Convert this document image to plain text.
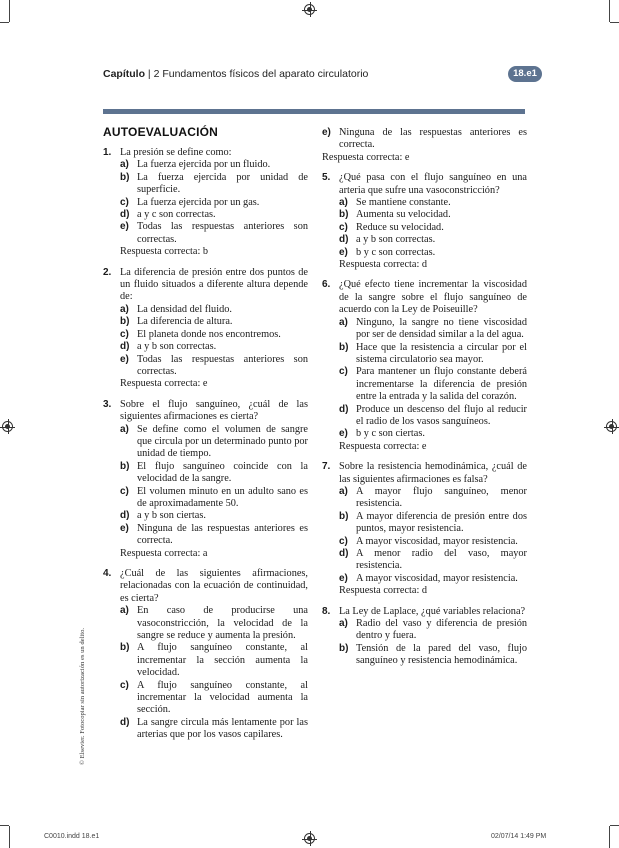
Capítulo | 2 Fundamentos físicos del aparato circulatorio	18.e1
AUTOEVALUACIÓN
1. La presión se define como:
a) La fuerza ejercida por un fluido.
b) La fuerza ejercida por unidad de superficie.
c) La fuerza ejercida por un gas.
d) a y c son correctas.
e) Todas las respuestas anteriores son correctas.
Respuesta correcta: b
2. La diferencia de presión entre dos puntos de un fluido situados a diferente altura depende de:
a) La densidad del fluido.
b) La diferencia de altura.
c) El planeta donde nos encontremos.
d) a y b son correctas.
e) Todas las respuestas anteriores son correctas.
Respuesta correcta: e
3. Sobre el flujo sanguíneo, ¿cuál de las siguientes afirmaciones es cierta?
a) Se define como el volumen de sangre que circula por un determinado punto por unidad de tiempo.
b) El flujo sanguíneo coincide con la velocidad de la sangre.
c) El volumen minuto en un adulto sano es de aproximadamente 50.
d) a y b son ciertas.
e) Ninguna de las respuestas anteriores es correcta.
Respuesta correcta: a
4. ¿Cuál de las siguientes afirmaciones, relacionadas con la ecuación de continuidad, es cierta?
a) En caso de producirse una vasoconstricción, la velocidad de la sangre se reduce y aumenta la presión.
b) A flujo sanguíneo constante, al incrementar la sección aumenta la velocidad.
c) A flujo sanguíneo constante, al incrementar la velocidad aumenta la sección.
d) La sangre circula más lentamente por las arterias que por los vasos capilares.
e) Ninguna de las respuestas anteriores es correcta.
Respuesta correcta: e
5. ¿Qué pasa con el flujo sanguíneo en una arteria que sufre una vasoconstricción?
a) Se mantiene constante.
b) Aumenta su velocidad.
c) Reduce su velocidad.
d) a y b son correctas.
e) b y c son correctas.
Respuesta correcta: d
6. ¿Qué efecto tiene incrementar la viscosidad de la sangre sobre el flujo sanguíneo de acuerdo con la Ley de Poiseuille?
a) Ninguno, la sangre no tiene viscosidad por ser de densidad similar a la del agua.
b) Hace que la resistencia a circular por el sistema circulatorio sea mayor.
c) Para mantener un flujo constante deberá incrementarse la diferencia de presión entre la entrada y la salida del corazón.
d) Produce un descenso del flujo al reducir el radio de los vasos sanguíneos.
e) b y c son ciertas.
Respuesta correcta: e
7. Sobre la resistencia hemodinámica, ¿cuál de las siguientes afirmaciones es falsa?
a) A mayor flujo sanguíneo, menor resistencia.
b) A mayor diferencia de presión entre dos puntos, mayor resistencia.
c) A mayor viscosidad, mayor resistencia.
d) A menor radio del vaso, mayor resistencia.
e) A mayor viscosidad, mayor resistencia.
Respuesta correcta: d
8. La Ley de Laplace, ¿qué variables relaciona?
a) Radio del vaso y diferencia de presión dentro y fuera.
b) Tensión de la pared del vaso, flujo sanguíneo y resistencia hemodinámica.
© Elsevier. Fotocopiar sin autorización es un delito.
C0010.indd 18.e1	02/07/14 1:49 PM
